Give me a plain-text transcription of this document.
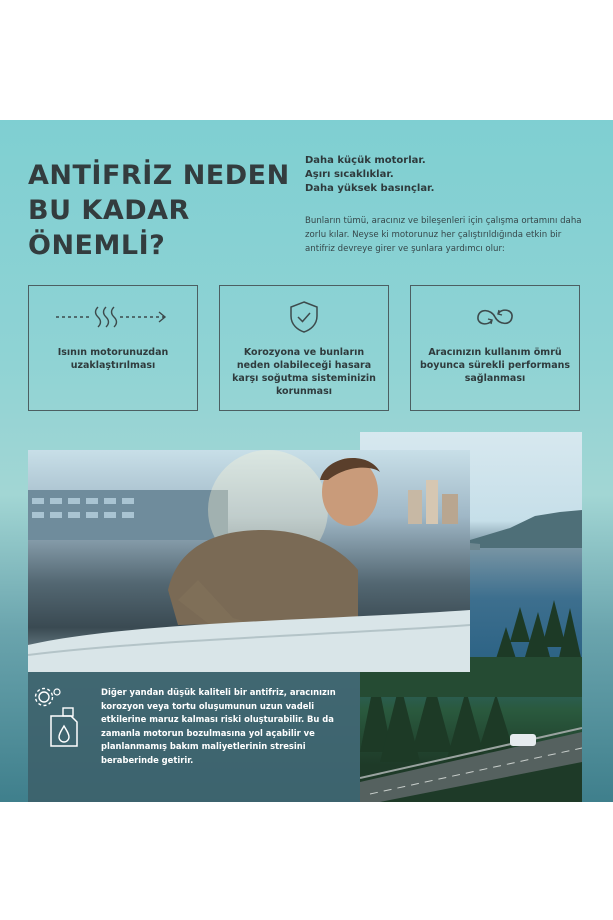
ANTİFRİZ NEDEN
BU KADAR
ÖNEMLİ?
Daha küçük motorlar.
Aşırı sıcaklıklar.
Daha yüksek basınçlar.
Bunların tümü, aracınız ve bileşenleri için çalışma ortamını daha zorlu kılar. Neyse ki motorunuz her çalıştırıldığında etkin bir antifriz devreye girer ve şunlara yardımcı olur:
Isının motorunuzdan uzaklaştırılması
Korozyona ve bunların neden olabileceği hasara karşı soğutma sisteminizin korunması
Aracınızın kullanım ömrü boyunca sürekli performans sağlanması
Diğer yandan düşük kaliteli bir antifriz, aracınızın korozyon veya tortu oluşumunun uzun vadeli etkilerine maruz kalması riski oluşturabilir. Bu da zamanla motorun bozulmasına yol açabilir ve planlanmamış bakım maliyetlerinin stresini beraberinde getirir.
